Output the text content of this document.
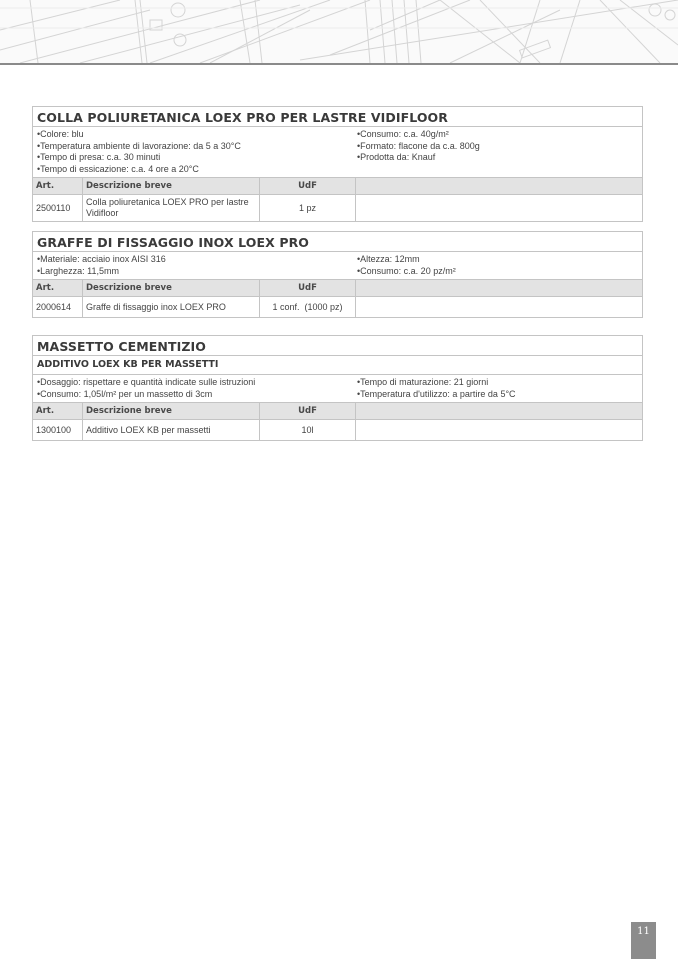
COLLA POLIURETANICA LOEX PRO PER LASTRE VIDIFLOOR
• Colore: blu
• Temperatura ambiente di lavorazione: da 5 a 30°C
• Tempo di presa: c.a. 30 minuti
• Tempo di essicazione: c.a. 4 ore a 20°C
• Consumo: c.a. 40g/m²
• Formato: flacone da c.a. 800g
• Prodotta da: Knauf
Art.	Descrizione breve	UdF	
2500110	Colla poliuretanica LOEX PRO per lastre Vidifloor	1 pz	
GRAFFE DI FISSAGGIO INOX LOEX PRO
• Materiale: acciaio inox AISI 316
• Larghezza: 11,5mm
• Altezza: 12mm
• Consumo: c.a. 20 pz/m²
Art.	Descrizione breve	UdF	
2000614	Graffe di fissaggio inox LOEX PRO	1 conf.  (1000 pz)	
MASSETTO CEMENTIZIO
ADDITIVO LOEX KB PER MASSETTI
• Dosaggio: rispettare e quantità indicate sulle istruzioni
• Consumo: 1,05l/m² per un massetto di 3cm
• Tempo di maturazione: 21 giorni
• Temperatura d'utilizzo: a partire da 5°C
Art.	Descrizione breve	UdF	
1300100	Additivo LOEX KB per massetti	10l	
11
